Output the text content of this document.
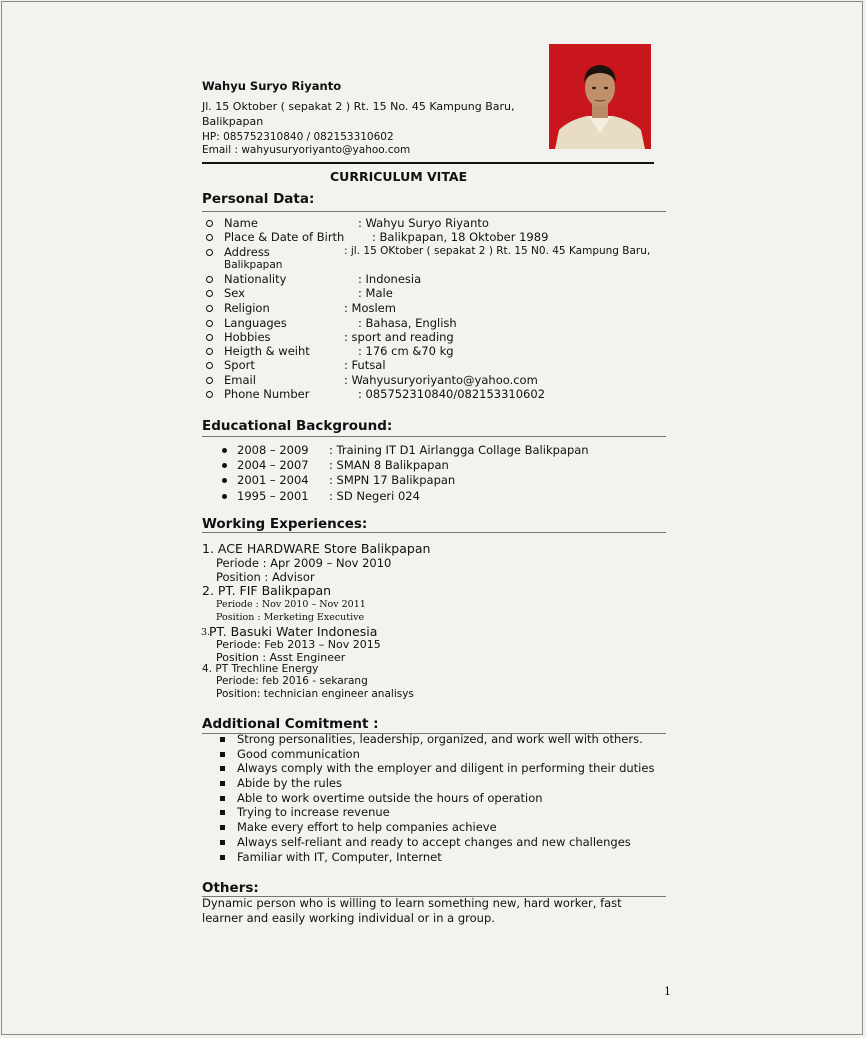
Wahyu Suryo Riyanto
Jl. 15 Oktober ( sepakat 2 ) Rt. 15 No. 45 Kampung Baru,
Balikpapan
HP: 085752310840 / 082153310602
Email : wahyusuryoriyanto@yahoo.com
CURRICULUM VITAE
Personal Data:
Name	: Wahyu Suryo Riyanto
Place & Date of Birth : Balikpapan, 18 Oktober 1989
Address	: jl. 15 OKtober ( sepakat 2 ) Rt. 15 N0. 45 Kampung Baru,
Balikpapan
Nationality	: Indonesia
Sex	: Male
Religion	: Moslem
Languages	: Bahasa, English
Hobbies	: sport and reading
Heigth & weiht	: 176 cm &70 kg
Sport	: Futsal
Email	: Wahyusuryoriyanto@yahoo.com
Phone Number	: 085752310840/082153310602
Educational Background:
2008 – 2009 : Training IT D1 Airlangga Collage Balikpapan
2004 – 2007 : SMAN 8 Balikpapan
2001 – 2004 : SMPN 17 Balikpapan
1995 – 2001 : SD Negeri 024
Working Experiences:
1. ACE HARDWARE Store Balikpapan
Periode : Apr 2009 – Nov 2010
Position : Advisor
2. PT. FIF Balikpapan
Periode : Nov 2010 – Nov 2011
Position : Merketing Executive
3.
PT. Basuki Water Indonesia
Periode: Feb 2013 – Nov 2015
Position : Asst Engineer
4. PT Trechline Energy
Periode: feb 2016 - sekarang
Position: technician engineer analisys
Additional Comitment :
Strong personalities, leadership, organized, and work well with others.
Good communication
Always comply with the employer and diligent in performing their duties
Abide by the rules
Able to work overtime outside the hours of operation
Trying to increase revenue
Make every effort to help companies achieve
Always self-reliant and ready to accept changes and new challenges
Familiar with IT, Computer, Internet
Others:
Dynamic person who is willing to learn something new, hard worker, fast
learner and easily working individual or in a group.
1
